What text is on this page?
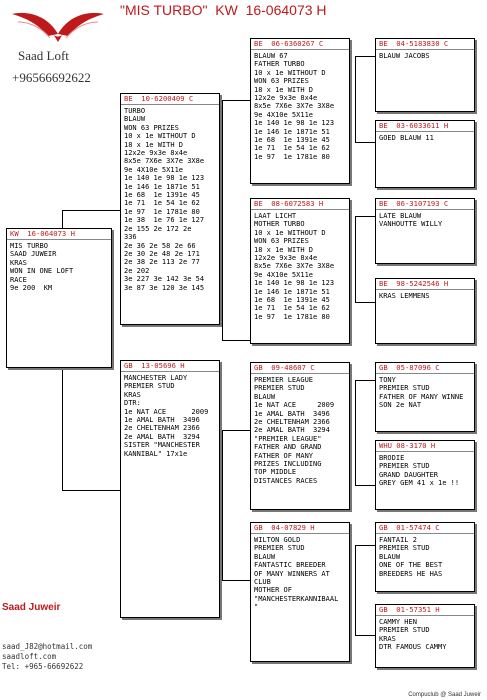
"MIS TURBO"  KW  16-064073 H
Saad Loft
+96566692622
KW  16-064073 H
MIS TURBO
SAAD JUWEIR
KRAS
WON IN ONE LOFT
RACE
9e 200  KM
BE  10-6200409 C
TURBO
BLAUW
WON 63 PRIZES
10 x 1e WITHOUT D
18 x 1e WITH D
12x2e 9x3e 8x4e
8x5e 7X6e 3X7e 3X8e
9e 4X10e 5X11e
1e 140 1e 98 1e 123
1e 146 1e 1871e 51
1e 68  1e 1391e 45
1e 71  1e 54 1e 62
1e 97  1e 1781e 80
1e 38  1e 76 1e 127
2e 155 2e 172 2e
336
2e 36 2e 58 2e 66
2e 30 2e 48 2e 171
2e 38 2e 113 2e 77
2e 202
3e 227 3e 142 3e 54
3e 87 3e 120 3e 145
GB  13-05696 H
MANCHESTER LADY
PREMIER STUD
KRAS
DTR:
1e NAT ACE      2009
1e AMAL BATH  3496
2e CHELTENHAM 2366
2e AMAL BATH  3294
SISTER "MANCHESTER
KANNIBAL" 17x1e
BE  06-6360267 C
BLAUW 67
FATHER TURBO
10 x 1e WITHOUT D
WON 63 PRIZES
18 x 1e WITH D
12x2e 9x3e 8x4e
8x5e 7X6e 3X7e 3X8e
9e 4X10e 5X11e
1e 140 1e 98 1e 123
1e 146 1e 1871e 51
1e 68  1e 1391e 45
1e 71  1e 54 1e 62
1e 97  1e 1781e 80
BE  08-6072583 H
LAAT LICHT
MOTHER TURBO
10 x 1e WITHOUT D
WON 63 PRIZES
18 x 1e WITH D
12x2e 9x3e 8x4e
8x5e 7X6e 3X7e 3X8e
9e 4X10e 5X11e
1e 140 1e 98 1e 123
1e 146 1e 1871e 51
1e 68  1e 1391e 45
1e 71  1e 54 1e 62
1e 97  1e 1781e 80
GB  09-48607 C
PREMIER LEAGUE
PREMIER STUD
BLAUW
1e NAT ACE     2009
1e AMAL BATH  3496
2e CHELTENHAM 2366
2e AMAL BATH  3294
"PREMIER LEAGUE"
FATHER AND GRAND
FATHER OF MANY
PRIZES INCLUDING
TOP MIDDLE
DISTANCES RACES
GB  04-07829 H
WILTON GOLD
PREMIER STUD
BLAUW
FANTASTIC BREEDER
OF MANY WINNERS AT
CLUB
MOTHER OF
"MANCHESTERKANNIBAAL
"
BE  04-5183830 C
BLAUW JACOBS
BE  03-6033611 H
GOED BLAUW 11
BE  06-3107193 C
LATE BLAUW
VANHOUTTE WILLY
BE  98-5242546 H
KRAS LEMMENS
GB  05-87096 C
TONY
PREMIER STUD
FATHER OF MANY WINNE
SON 2e NAT
WHU 08-3170 H
BRODIE
PREMIER STUD
GRAND DAUGHTER
GREY GEM 41 x 1e !!
GB  01-57474 C
FANTAIL 2
PREMIER STUD
BLAUW
ONE OF THE BEST
BREEDERS HE HAS
GB  01-57351 H
CAMMY HEN
PREMIER STUD
KRAS
DTR FAMOUS CAMMY
Saad Juweir
saad_J82@hotmail.com
saadloft.com
Tel: +965-66692622
Compuclub @ Saad Juweir
